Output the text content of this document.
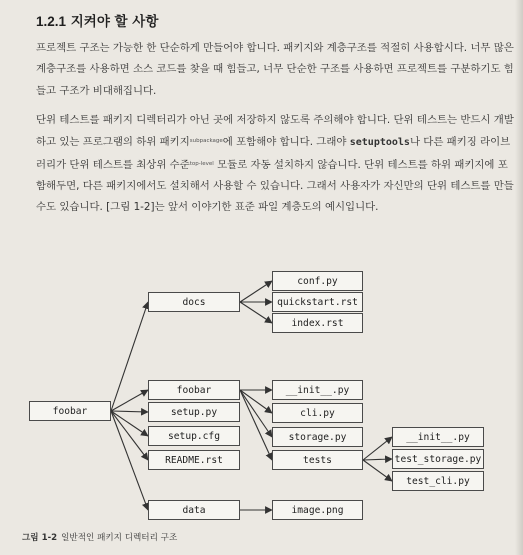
1.2.1 지켜야 할 사항
프로젝트 구조는 가능한 한 단순하게 만들어야 합니다. 패키지와 계층구조를 적절히 사용합시다. 너무 많은 계층구조를 사용하면 소스 코드를 찾을 때 힘들고, 너무 단순한 구조를 사용하면 프로젝트를 구분하기도 힘들고 구조가 비대해집니다.
단위 테스트를 패키지 디렉터리가 아닌 곳에 저장하지 않도록 주의해야 합니다. 단위 테스트는 반드시 개발하고 있는 프로그램의 하위 패키지$^{subpackage}$에 포함해야 합니다. 그래야 setuptools나 다른 패키징 라이브러리가 단위 테스트를 최상위 수준$^{top-level}$ 모듈로 자동 설치하지 않습니다. 단위 테스트를 하위 패키지에 포함해두면, 다른 패키지에서도 설치해서 사용할 수 있습니다. 그래서 사용자가 자신만의 단위 테스트를 만들 수도 있습니다. [그림 1-2]는 앞서 이야기한 표준 파일 계층도의 예시입니다.
foobar
docs
foobar
setup.py
setup.cfg
README.rst
data
conf.py
quickstart.rst
index.rst
__init__.py
cli.py
storage.py
tests
image.png
__init__.py
test_storage.py
test_cli.py
그림 1-2 일반적인 패키지 디렉터리 구조
